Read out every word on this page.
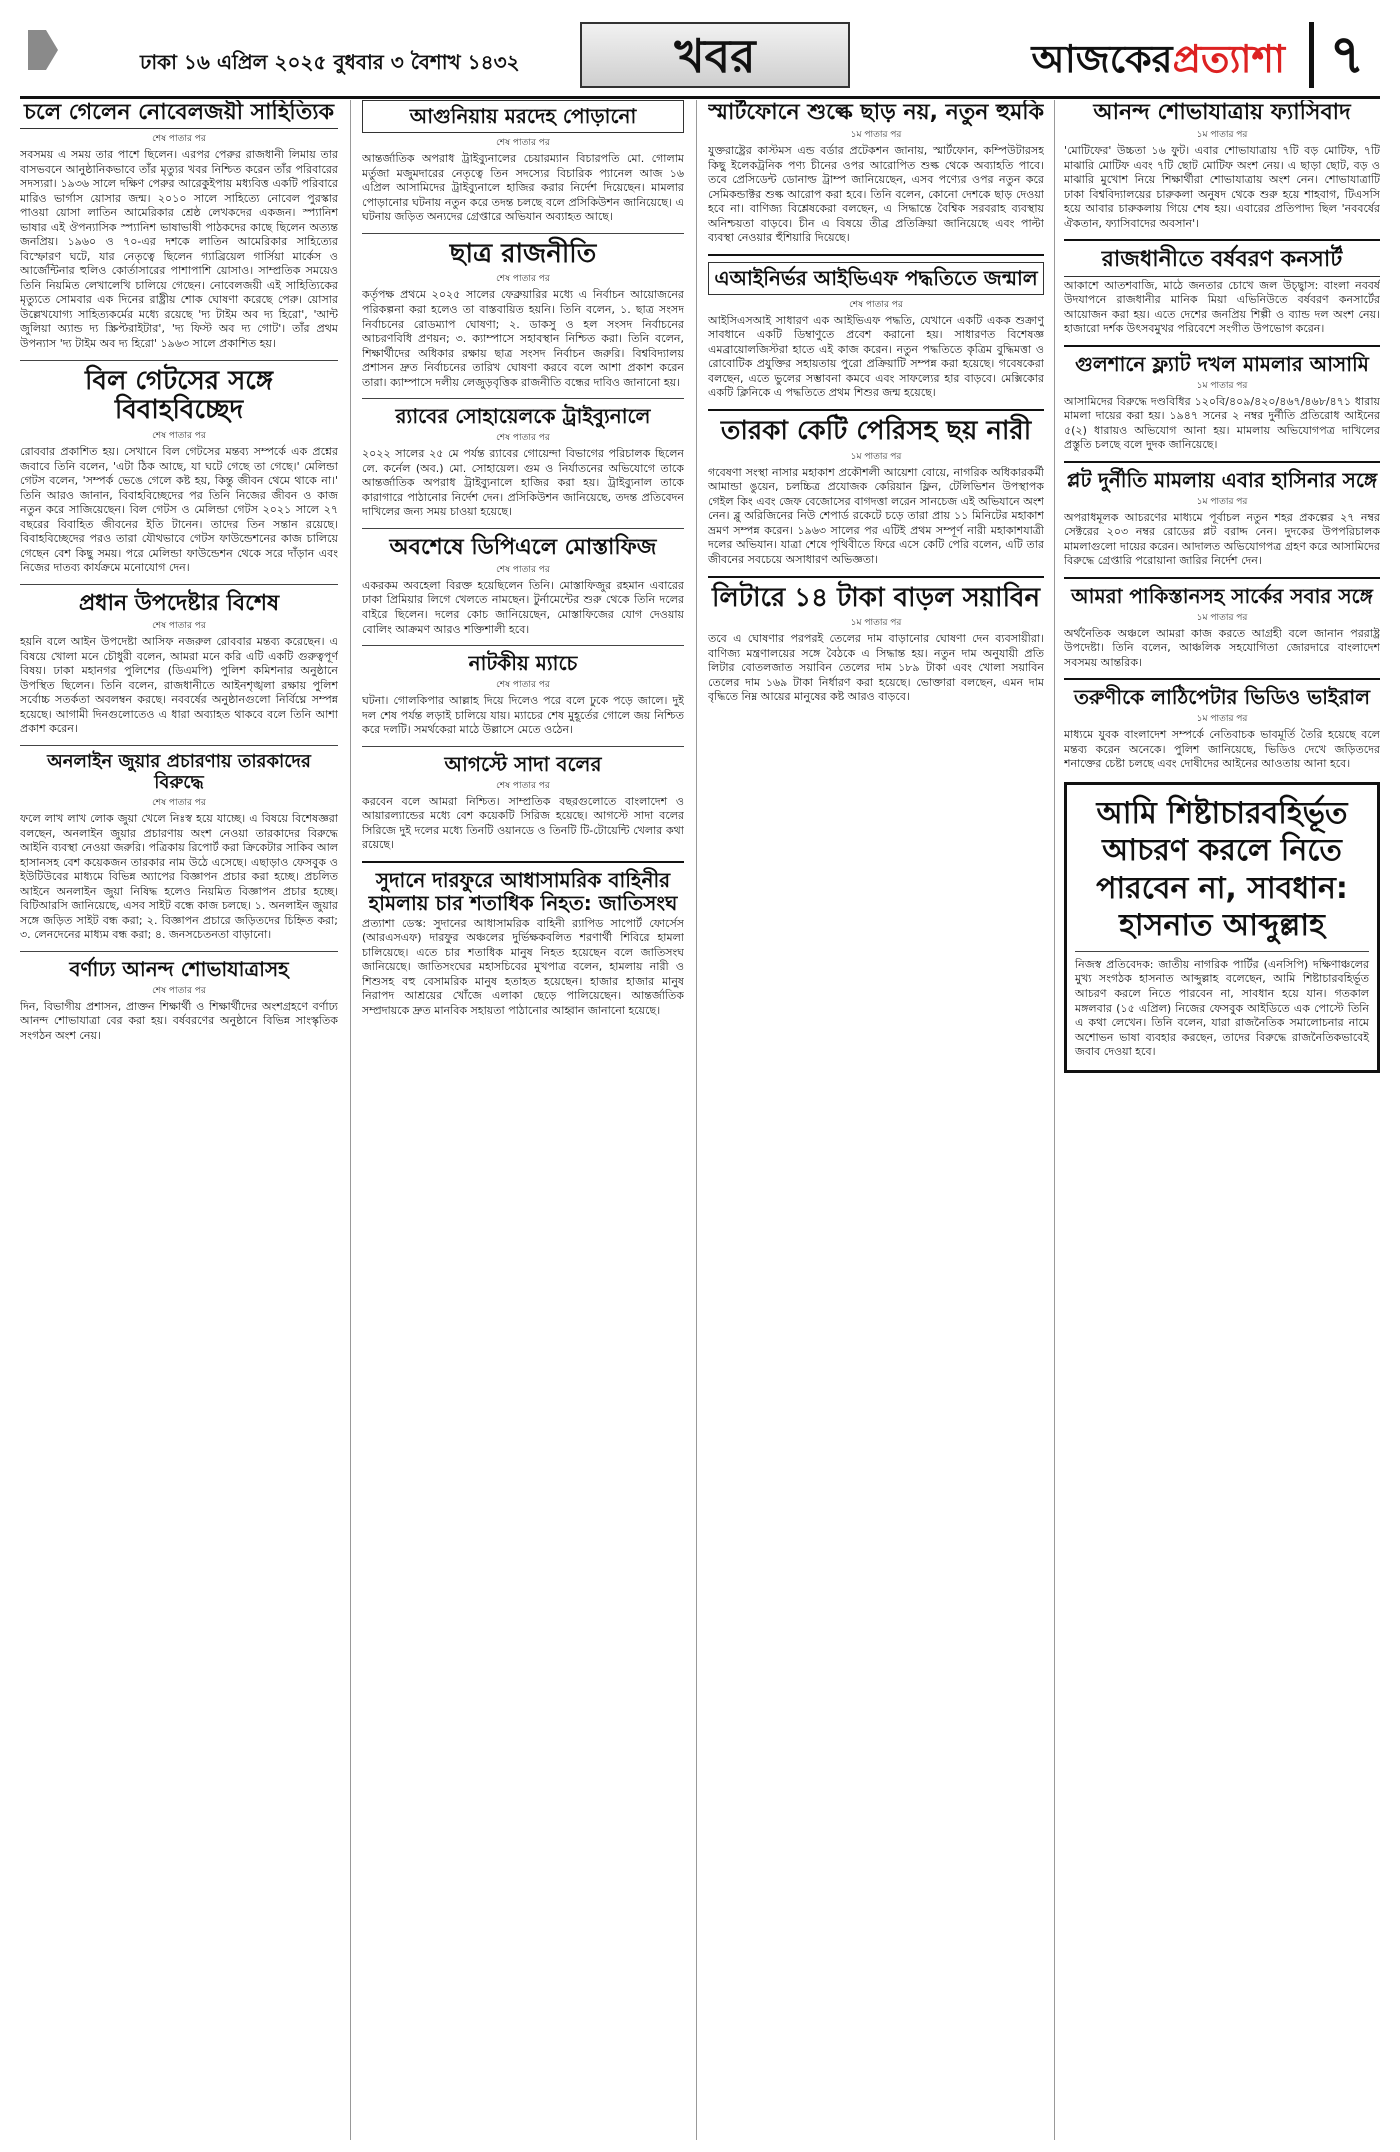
ঢাকা ১৬ এপ্রিল ২০২৫ বুধবার ৩ বৈশাখ ১৪৩২	খবর	আজকেরপ্রত্যাশা ৭
চলে গেলেন নোবেলজয়ী সাহিত্যিক
শেষ পাতার পর
সবসময় এ সময় তার পাশে ছিলেন। এরপর পেরুর রাজধানী লিমায় তার বাসভবনে আনুষ্ঠানিকভাবে তাঁর মৃত্যুর খবর নিশ্চিত করেন তাঁর পরিবারের সদস্যরা। ১৯৩৬ সালে দক্ষিণ পেরুর আরেকুইপায় মধ্যবিত্ত একটি পরিবারে মারিও ভার্গাস য়োসার জন্ম। ২০১০ সালে সাহিত্যে নোবেল পুরস্কার পাওয়া য়োসা লাতিন আমেরিকার শ্রেষ্ঠ লেখকদের একজন। স্প্যানিশ ভাষার এই ঔপন্যাসিক স্প্যানিশ ভাষাভাষী পাঠকদের কাছে ছিলেন অত্যন্ত জনপ্রিয়। ১৯৬০ ও ৭০-এর দশকে লাতিন আমেরিকার সাহিত্যের বিস্ফোরণ ঘটে, যার নেতৃত্বে ছিলেন গ্যাব্রিয়েল গার্সিয়া মার্কেস ও আর্জেন্টিনার হুলিও কোর্তাসারের পাশাপাশি য়োসাও। সাম্প্রতিক সময়েও তিনি নিয়মিত লেখালেখি চালিয়ে গেছেন। নোবেলজয়ী এই সাহিত্যিকের মৃত্যুতে সোমবার এক দিনের রাষ্ট্রীয় শোক ঘোষণা করেছে পেরু। য়োসার উল্লেখযোগ্য সাহিত্যকর্মের মধ্যে রয়েছে 'দ্য টাইম অব দ্য হিরো', 'আন্ট জুলিয়া অ্যান্ড দ্য স্ক্রিপ্টরাইটার', 'দ্য ফিস্ট অব দ্য গোট'। তাঁর প্রথম উপন্যাস 'দ্য টাইম অব দ্য হিরো' ১৯৬৩ সালে প্রকাশিত হয়।
বিল গেটসের সঙ্গে বিবাহবিচ্ছেদ
শেষ পাতার পর
রোববার প্রকাশিত হয়। সেখানে বিল গেটসের মন্তব্য সম্পর্কে এক প্রশ্নের জবাবে তিনি বলেন, 'এটা ঠিক আছে, যা ঘটে গেছে তা গেছে।' মেলিন্ডা গেটস বলেন, 'সম্পর্ক ভেঙে গেলে কষ্ট হয়, কিন্তু জীবন থেমে থাকে না।' তিনি আরও জানান, বিবাহবিচ্ছেদের পর তিনি নিজের জীবন ও কাজ নতুন করে সাজিয়েছেন। বিল গেটস ও মেলিন্ডা গেটস ২০২১ সালে ২৭ বছরের বিবাহিত জীবনের ইতি টানেন। তাদের তিন সন্তান রয়েছে। বিবাহবিচ্ছেদের পরও তারা যৌথভাবে গেটস ফাউন্ডেশনের কাজ চালিয়ে গেছেন বেশ কিছু সময়। পরে মেলিন্ডা ফাউন্ডেশন থেকে সরে দাঁড়ান এবং নিজের দাতব্য কার্যক্রমে মনোযোগ দেন।
প্রধান উপদেষ্টার বিশেষ
শেষ পাতার পর
হয়নি বলে আইন উপদেষ্টা আসিফ নজরুল রোববার মন্তব্য করেছেন। এ বিষয়ে খোলা মনে চৌধুরী বলেন, আমরা মনে করি এটি একটি গুরুত্বপূর্ণ বিষয়। ঢাকা মহানগর পুলিশের (ডিএমপি) পুলিশ কমিশনার অনুষ্ঠানে উপস্থিত ছিলেন। তিনি বলেন, রাজধানীতে আইনশৃঙ্খলা রক্ষায় পুলিশ সর্বোচ্চ সতর্কতা অবলম্বন করছে। নববর্ষের অনুষ্ঠানগুলো নির্বিঘ্নে সম্পন্ন হয়েছে। আগামী দিনগুলোতেও এ ধারা অব্যাহত থাকবে বলে তিনি আশা প্রকাশ করেন।
অনলাইন জুয়ার প্রচারণায় তারকাদের বিরুদ্ধে
শেষ পাতার পর
ফলে লাখ লাখ লোক জুয়া খেলে নিঃস্ব হয়ে যাচ্ছে। এ বিষয়ে বিশেষজ্ঞরা বলছেন, অনলাইন জুয়ার প্রচারণায় অংশ নেওয়া তারকাদের বিরুদ্ধে আইনি ব্যবস্থা নেওয়া জরুরি। পত্রিকায় রিপোর্ট করা ক্রিকেটার সাকিব আল হাসানসহ বেশ কয়েকজন তারকার নাম উঠে এসেছে। এছাড়াও ফেসবুক ও ইউটিউবের মাধ্যমে বিভিন্ন অ্যাপের বিজ্ঞাপন প্রচার করা হচ্ছে। প্রচলিত আইনে অনলাইন জুয়া নিষিদ্ধ হলেও নিয়মিত বিজ্ঞাপন প্রচার হচ্ছে। বিটিআরসি জানিয়েছে, এসব সাইট বন্ধে কাজ চলছে। ১. অনলাইন জুয়ার সঙ্গে জড়িত সাইট বন্ধ করা; ২. বিজ্ঞাপন প্রচারে জড়িতদের চিহ্নিত করা; ৩. লেনদেনের মাধ্যম বন্ধ করা; ৪. জনসচেতনতা বাড়ানো।
বর্ণাঢ্য আনন্দ শোভাযাত্রাসহ
শেষ পাতার পর
দিন, বিভাগীয় প্রশাসন, প্রাক্তন শিক্ষার্থী ও শিক্ষার্থীদের অংশগ্রহণে বর্ণাঢ্য আনন্দ শোভাযাত্রা বের করা হয়। বর্ষবরণের অনুষ্ঠানে বিভিন্ন সাংস্কৃতিক সংগঠন অংশ নেয়।
আগুনিয়ায় মরদেহ পোড়ানো
শেষ পাতার পর
আন্তর্জাতিক অপরাধ ট্রাইব্যুনালের চেয়ারম্যান বিচারপতি মো. গোলাম মর্তুজা মজুমদারের নেতৃত্বে তিন সদস্যের বিচারিক প্যানেল আজ ১৬ এপ্রিল আসামিদের ট্রাইব্যুনালে হাজির করার নির্দেশ দিয়েছেন। মামলার পোড়ানোর ঘটনায় নতুন করে তদন্ত চলছে বলে প্রসিকিউশন জানিয়েছে। এ ঘটনায় জড়িত অন্যদের গ্রেপ্তারে অভিযান অব্যাহত আছে।
ছাত্র রাজনীতি
শেষ পাতার পর
কর্তৃপক্ষ প্রথমে ২০২৫ সালের ফেব্রুয়ারির মধ্যে এ নির্বাচন আয়োজনের পরিকল্পনা করা হলেও তা বাস্তবায়িত হয়নি। তিনি বলেন, ১. ছাত্র সংসদ নির্বাচনের রোডম্যাপ ঘোষণা; ২. ডাকসু ও হল সংসদ নির্বাচনের আচরণবিধি প্রণয়ন; ৩. ক্যাম্পাসে সহাবস্থান নিশ্চিত করা। তিনি বলেন, শিক্ষার্থীদের অধিকার রক্ষায় ছাত্র সংসদ নির্বাচন জরুরি। বিশ্ববিদ্যালয় প্রশাসন দ্রুত নির্বাচনের তারিখ ঘোষণা করবে বলে আশা প্রকাশ করেন তারা। ক্যাম্পাসে দলীয় লেজুড়বৃত্তিক রাজনীতি বন্ধের দাবিও জানানো হয়।
র‍্যাবের সোহায়েলকে ট্রাইব্যুনালে
শেষ পাতার পর
২০২২ সালের ২৫ মে পর্যন্ত র‍্যাবের গোয়েন্দা বিভাগের পরিচালক ছিলেন লে. কর্নেল (অব.) মো. সোহায়েল। গুম ও নির্যাতনের অভিযোগে তাকে আন্তর্জাতিক অপরাধ ট্রাইব্যুনালে হাজির করা হয়। ট্রাইব্যুনাল তাকে কারাগারে পাঠানোর নির্দেশ দেন। প্রসিকিউশন জানিয়েছে, তদন্ত প্রতিবেদন দাখিলের জন্য সময় চাওয়া হয়েছে।
অবশেষে ডিপিএলে মোস্তাফিজ
শেষ পাতার পর
একরকম অবহেলা বিরক্ত হয়েছিলেন তিনি। মোস্তাফিজুর রহমান এবারের ঢাকা প্রিমিয়ার লিগে খেলতে নামছেন। টুর্নামেন্টের শুরু থেকে তিনি দলের বাইরে ছিলেন। দলের কোচ জানিয়েছেন, মোস্তাফিজের যোগ দেওয়ায় বোলিং আক্রমণ আরও শক্তিশালী হবে।
নাটকীয় ম্যাচে
শেষ পাতার পর
ঘটনা। গোলকিপার আল্লাহ দিয়ে দিলেও পরে বলে ঢুকে পড়ে জালে। দুই দল শেষ পর্যন্ত লড়াই চালিয়ে যায়। ম্যাচের শেষ মুহূর্তের গোলে জয় নিশ্চিত করে দলটি। সমর্থকেরা মাঠে উল্লাসে মেতে ওঠেন।
আগস্টে সাদা বলের
শেষ পাতার পর
করবেন বলে আমরা নিশ্চিত। সাম্প্রতিক বছরগুলোতে বাংলাদেশ ও আয়ারল্যান্ডের মধ্যে বেশ কয়েকটি সিরিজ হয়েছে। আগস্টে সাদা বলের সিরিজে দুই দলের মধ্যে তিনটি ওয়ানডে ও তিনটি টি-টোয়েন্টি খেলার কথা রয়েছে।
সুদানে দারফুরে আধাসামরিক বাহিনীর হামলায় চার শতাধিক নিহত: জাতিসংঘ
প্রত্যাশা ডেস্ক: সুদানের আধাসামরিক বাহিনী র‍্যাপিড সাপোর্ট ফোর্সেস (আরএসএফ) দারফুর অঞ্চলের দুর্ভিক্ষকবলিত শরণার্থী শিবিরে হামলা চালিয়েছে। এতে চার শতাধিক মানুষ নিহত হয়েছেন বলে জাতিসংঘ জানিয়েছে। জাতিসংঘের মহাসচিবের মুখপাত্র বলেন, হামলায় নারী ও শিশুসহ বহু বেসামরিক মানুষ হতাহত হয়েছেন। হাজার হাজার মানুষ নিরাপদ আশ্রয়ের খোঁজে এলাকা ছেড়ে পালিয়েছেন। আন্তর্জাতিক সম্প্রদায়কে দ্রুত মানবিক সহায়তা পাঠানোর আহ্বান জানানো হয়েছে।
স্মার্টফোনে শুল্কে ছাড় নয়, নতুন হুমকি
১ম পাতার পর
যুক্তরাষ্ট্রের কাস্টমস এন্ড বর্ডার প্রটেকশন জানায়, স্মার্টফোন, কম্পিউটারসহ কিছু ইলেকট্রনিক পণ্য চীনের ওপর আরোপিত শুল্ক থেকে অব্যাহতি পাবে। তবে প্রেসিডেন্ট ডোনাল্ড ট্রাম্প জানিয়েছেন, এসব পণ্যের ওপর নতুন করে সেমিকন্ডাক্টর শুল্ক আরোপ করা হবে। তিনি বলেন, কোনো দেশকে ছাড় দেওয়া হবে না। বাণিজ্য বিশ্লেষকেরা বলছেন, এ সিদ্ধান্তে বৈশ্বিক সরবরাহ ব্যবস্থায় অনিশ্চয়তা বাড়বে। চীন এ বিষয়ে তীব্র প্রতিক্রিয়া জানিয়েছে এবং পাল্টা ব্যবস্থা নেওয়ার হুঁশিয়ারি দিয়েছে।
এআইনির্ভর আইভিএফ পদ্ধতিতে জন্মাল
শেষ পাতার পর
আইসিএসআই সাধারণ এক আইভিএফ পদ্ধতি, যেখানে একটি একক শুক্রাণু সাবধানে একটি ডিম্বাণুতে প্রবেশ করানো হয়। সাধারণত বিশেষজ্ঞ এমব্রায়োলজিস্টরা হাতে এই কাজ করেন। নতুন পদ্ধতিতে কৃত্রিম বুদ্ধিমত্তা ও রোবোটিক প্রযুক্তির সহায়তায় পুরো প্রক্রিয়াটি সম্পন্ন করা হয়েছে। গবেষকেরা বলছেন, এতে ভুলের সম্ভাবনা কমবে এবং সাফল্যের হার বাড়বে। মেক্সিকোর একটি ক্লিনিকে এ পদ্ধতিতে প্রথম শিশুর জন্ম হয়েছে।
তারকা কেটি পেরিসহ ছয় নারী
১ম পাতার পর
গবেষণা সংস্থা নাসার মহাকাশ প্রকৌশলী আয়েশা বোয়ে, নাগরিক অধিকারকর্মী আমান্ডা ঙুয়েন, চলচ্চিত্র প্রযোজক কেরিয়ান ফ্লিন, টেলিভিশন উপস্থাপক গেইল কিং এবং জেফ বেজোসের বাগদত্তা লরেন সানচেজ এই অভিযানে অংশ নেন। ব্লু অরিজিনের নিউ শেপার্ড রকেটে চড়ে তারা প্রায় ১১ মিনিটের মহাকাশ ভ্রমণ সম্পন্ন করেন। ১৯৬৩ সালের পর এটিই প্রথম সম্পূর্ণ নারী মহাকাশযাত্রী দলের অভিযান। যাত্রা শেষে পৃথিবীতে ফিরে এসে কেটি পেরি বলেন, এটি তার জীবনের সবচেয়ে অসাধারণ অভিজ্ঞতা।
লিটারে ১৪ টাকা বাড়ল সয়াবিন
১ম পাতার পর
তবে এ ঘোষণার পরপরই তেলের দাম বাড়ানোর ঘোষণা দেন ব্যবসায়ীরা। বাণিজ্য মন্ত্রণালয়ের সঙ্গে বৈঠকে এ সিদ্ধান্ত হয়। নতুন দাম অনুযায়ী প্রতি লিটার বোতলজাত সয়াবিন তেলের দাম ১৮৯ টাকা এবং খোলা সয়াবিন তেলের দাম ১৬৯ টাকা নির্ধারণ করা হয়েছে। ভোক্তারা বলছেন, এমন দাম বৃদ্ধিতে নিম্ন আয়ের মানুষের কষ্ট আরও বাড়বে।
আনন্দ শোভাযাত্রায় ফ্যাসিবাদ
১ম পাতার পর
'মোটিফের' উচ্চতা ১৬ ফুট। এবার শোভাযাত্রায় ৭টি বড় মোটিফ, ৭টি মাঝারি মোটিফ এবং ৭টি ছোট মোটিফ অংশ নেয়। এ ছাড়া ছোট, বড় ও মাঝারি মুখোশ নিয়ে শিক্ষার্থীরা শোভাযাত্রায় অংশ নেন। শোভাযাত্রাটি ঢাকা বিশ্ববিদ্যালয়ের চারুকলা অনুষদ থেকে শুরু হয়ে শাহবাগ, টিএসসি হয়ে আবার চারুকলায় গিয়ে শেষ হয়। এবারের প্রতিপাদ্য ছিল 'নববর্ষের ঐকতান, ফ্যাসিবাদের অবসান'।
রাজধানীতে বর্ষবরণ কনসার্ট
আকাশে আতশবাজি, মাঠে জনতার চোখে জল উচ্ছ্বাস: বাংলা নববর্ষ উদযাপনে রাজধানীর মানিক মিয়া এভিনিউতে বর্ষবরণ কনসার্টের আয়োজন করা হয়। এতে দেশের জনপ্রিয় শিল্পী ও ব্যান্ড দল অংশ নেয়। হাজারো দর্শক উৎসবমুখর পরিবেশে সংগীত উপভোগ করেন।
গুলশানে ফ্ল্যাট দখল মামলার আসামি
১ম পাতার পর
আসামিদের বিরুদ্ধে দণ্ডবিধির ১২০বি/৪০৯/৪২০/৪৬৭/৪৬৮/৪৭১ ধারায় মামলা দায়ের করা হয়। ১৯৪৭ সনের ২ নম্বর দুর্নীতি প্রতিরোধ আইনের ৫(২) ধারায়ও অভিযোগ আনা হয়। মামলায় অভিযোগপত্র দাখিলের প্রস্তুতি চলছে বলে দুদক জানিয়েছে।
প্লট দুর্নীতি মামলায় এবার হাসিনার সঙ্গে
১ম পাতার পর
অপরাধমূলক আচরণের মাধ্যমে পূর্বাচল নতুন শহর প্রকল্পের ২৭ নম্বর সেক্টরের ২০৩ নম্বর রোডের প্লট বরাদ্দ নেন। দুদকের উপপরিচালক মামলাগুলো দায়ের করেন। আদালত অভিযোগপত্র গ্রহণ করে আসামিদের বিরুদ্ধে গ্রেপ্তারি পরোয়ানা জারির নির্দেশ দেন।
আমরা পাকিস্তানসহ সার্কের সবার সঙ্গে
১ম পাতার পর
অর্থনৈতিক অঞ্চলে আমরা কাজ করতে আগ্রহী বলে জানান পররাষ্ট্র উপদেষ্টা। তিনি বলেন, আঞ্চলিক সহযোগিতা জোরদারে বাংলাদেশ সবসময় আন্তরিক।
তরুণীকে লাঠিপেটার ভিডিও ভাইরাল
১ম পাতার পর
মাধ্যমে যুবক বাংলাদেশ সম্পর্কে নেতিবাচক ভাবমূর্তি তৈরি হয়েছে বলে মন্তব্য করেন অনেকে। পুলিশ জানিয়েছে, ভিডিও দেখে জড়িতদের শনাক্তের চেষ্টা চলছে এবং দোষীদের আইনের আওতায় আনা হবে।
আমি শিষ্টাচারবহির্ভূত আচরণ করলে নিতে পারবেন না, সাবধান: হাসনাত আব্দুল্লাহ
নিজস্ব প্রতিবেদক: জাতীয় নাগরিক পার্টির (এনসিপি) দক্ষিণাঞ্চলের মুখ্য সংগঠক হাসনাত আব্দুল্লাহ বলেছেন, আমি শিষ্টাচারবহির্ভূত আচরণ করলে নিতে পারবেন না, সাবধান হয়ে যান। গতকাল মঙ্গলবার (১৫ এপ্রিল) নিজের ফেসবুক আইডিতে এক পোস্টে তিনি এ কথা লেখেন। তিনি বলেন, যারা রাজনৈতিক সমালোচনার নামে অশোভন ভাষা ব্যবহার করছেন, তাদের বিরুদ্ধে রাজনৈতিকভাবেই জবাব দেওয়া হবে।
